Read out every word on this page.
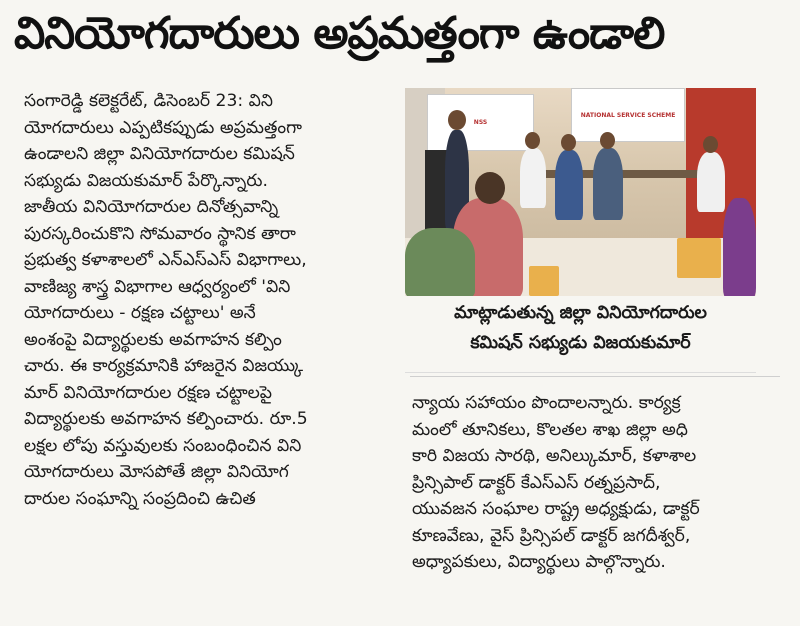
వినియోగదారులు అప్రమత్తంగా ఉండాలి
సంగారెడ్డి కలెక్టరేట్, డిసెంబర్ 23: విని
యోగదారులు ఎప్పటికప్పుడు అప్రమత్తంగా
ఉండాలని జిల్లా వినియోగదారుల కమిషన్
సభ్యుడు విజయకుమార్ పేర్కొన్నారు.
జాతీయ వినియోగదారుల దినోత్సవాన్ని
పురస్కరించుకొని సోమవారం స్థానిక తారా
ప్రభుత్వ కళాశాలలో ఎన్ఎస్ఎస్ విభాగాలు,
వాణిజ్య శాస్త్ర విభాగాల ఆధ్వర్యంలో 'విని
యోగదారులు - రక్షణ చట్టాలు' అనే
అంశంపై విద్యార్థులకు అవగాహన కల్పిం
చారు. ఈ కార్యక్రమానికి హాజరైన విజయ్కు
మార్ వినియోగదారుల రక్షణ చట్టాలపై
విద్యార్థులకు అవగాహన కల్పించారు. రూ.5
లక్షల లోపు వస్తువులకు సంబంధించిన విని
యోగదారులు మోసపోతే జిల్లా వినియోగ
దారుల సంఘాన్ని సంప్రదించి ఉచిత
NSS
NATIONAL SERVICE SCHEME
మాట్లాడుతున్న జిల్లా వినియోగదారుల
కమిషన్ సభ్యుడు విజయకుమార్
న్యాయ సహాయం పొందాలన్నారు. కార్యక్ర
మంలో తూనికలు, కొలతల శాఖ జిల్లా అధి
కారి విజయ సారథి, అనిల్కుమార్, కళాశాల
ప్రిన్సిపాల్ డాక్టర్ కేఎస్ఎస్ రత్నప్రసాద్,
యువజన సంఘాల రాష్ట్ర అధ్యక్షుడు, డాక్టర్
కూణవేణు, వైస్ ప్రిన్సిపల్ డాక్టర్ జగదీశ్వర్,
అధ్యాపకులు, విద్యార్థులు పాల్గొన్నారు.
